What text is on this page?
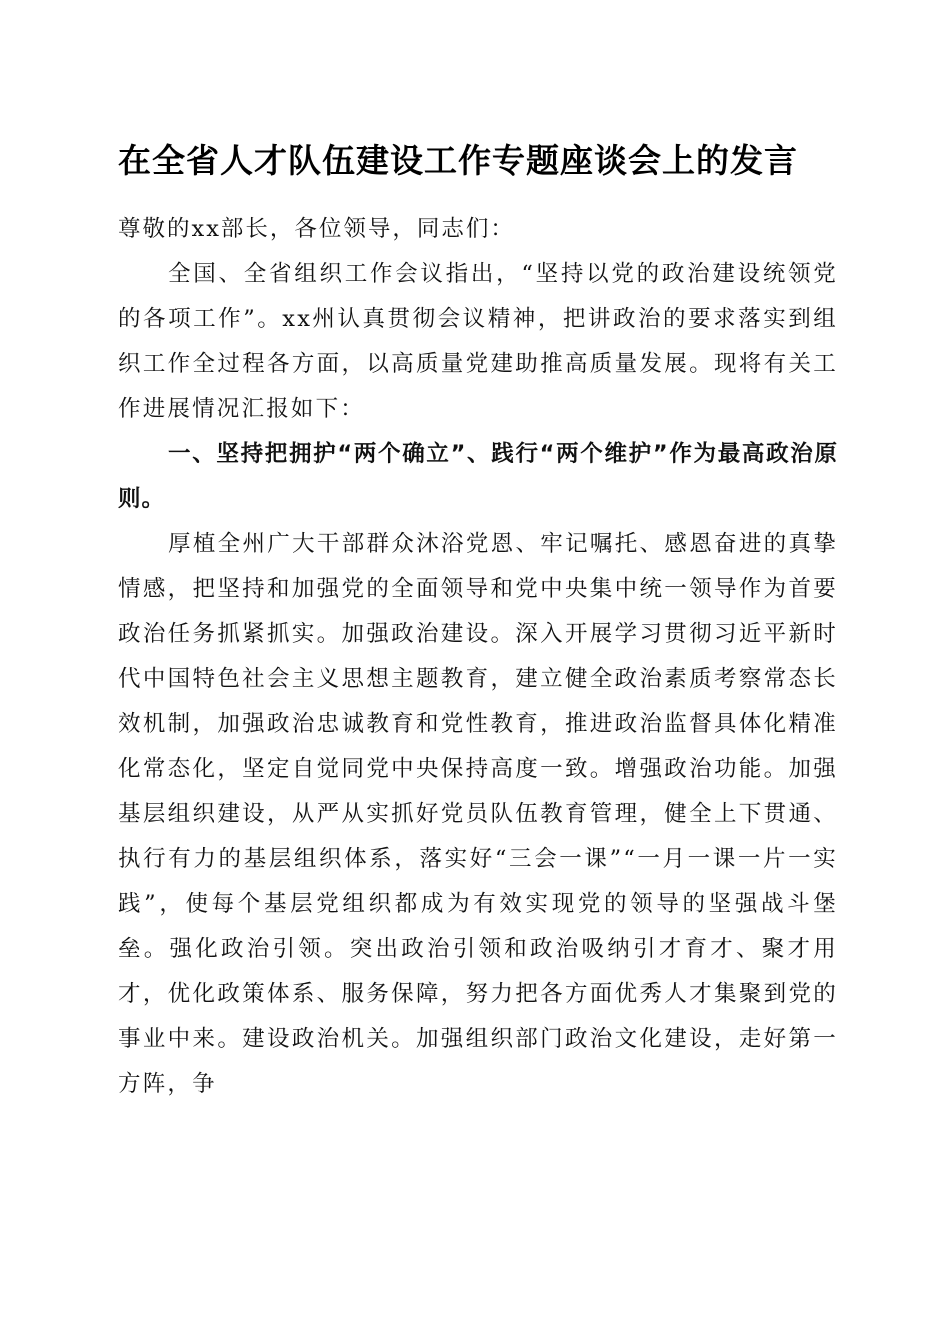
在全省人才队伍建设工作专题座谈会上的发言

尊敬的xx部长，各位领导，同志们：

全国、全省组织工作会议指出，“坚持以党的政治建设统领党的各项工作”。xx州认真贯彻会议精神，把讲政治的要求落实到组织工作全过程各方面，以高质量党建助推高质量发展。现将有关工作进展情况汇报如下：

一、坚持把拥护“两个确立”、践行“两个维护”作为最高政治原则。

厚植全州广大干部群众沐浴党恩、牢记嘱托、感恩奋进的真挚情感，把坚持和加强党的全面领导和党中央集中统一领导作为首要政治任务抓紧抓实。加强政治建设。深入开展学习贯彻习近平新时代中国特色社会主义思想主题教育，建立健全政治素质考察常态长效机制，加强政治忠诚教育和党性教育，推进政治监督具体化精准化常态化，坚定自觉同党中央保持高度一致。增强政治功能。加强基层组织建设，从严从实抓好党员队伍教育管理，健全上下贯通、执行有力的基层组织体系，落实好“三会一课”“一月一课一片一实践”，使每个基层党组织都成为有效实现党的领导的坚强战斗堡垒。强化政治引领。突出政治引领和政治吸纳引才育才、聚才用才，优化政策体系、服务保障，努力把各方面优秀人才集聚到党的事业中来。建设政治机关。加强组织部门政治文化建设，走好第一方阵，争
